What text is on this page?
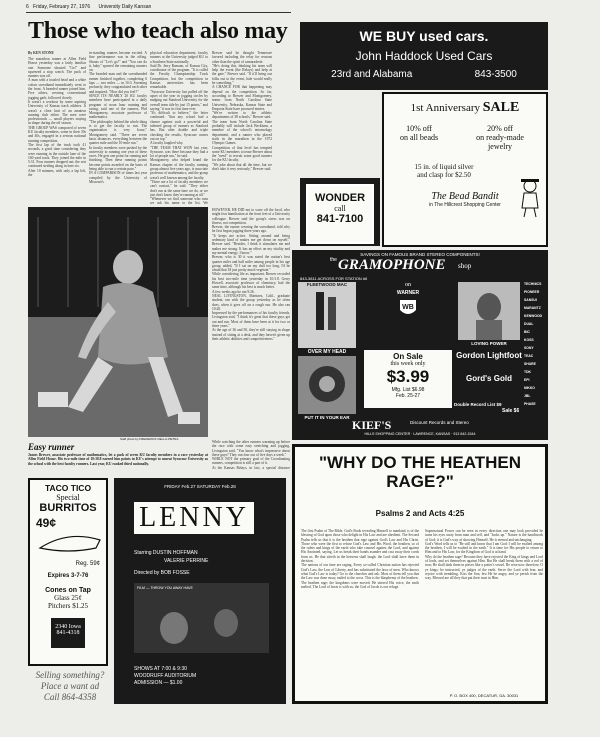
6 Friday, February 27, 1976 University Daily Kansan
Those who teach also may
By KEN STONE
The marathon runner at Allen Field House yesterday was a fairly familiar one. Someone shouted "Go!" and squeezed a stop watch. The pack of runners was off.
A man with a tousled head and a white cotton sweatband immediately went to the front. A bearded runner joined him. Five others, wearing conventional jogging garb, followed closely.
It wasn't a workout by some aspiring University of Kansas track athletes. It wasn't a close knit of an amateur running club either. The men were professionals — small players staying in shape during the off season.
THE GROUP WAS composed of seven KU faculty members, some in their 30s and 40s, engaged in a serious national running competition.
The first lap of the track took 41 seconds, a good time considering they were running in the outside lane of the 160-yard track. They joined the mile in 5:31. Four runners dropped out; the rest continued striding along in lone six.
After 10 minutes, with only a lap left, the
in-standing runners became excited. A fine performance was in the offing. Shouts of "Let's go!" and "You can do it, baby" spurred the remaining runners on.
The bearded man and the sweatbanded runner finished together, completing 6 laps — two miles — in 10:3. Sweating profusely, they congratulated each other and inquired, "How did you feel?"
SINCE ITS NEARLY 20 KU faculty members have participated in a daily program of noon hour running and racing, said one of the runners, Phil Montgomery, associate professor of mathematics.
"The philosophy behind the whole thing is to get the faculty to run. The organization is very loose," Montgomery said. "There are seven basic distances, everything between the quarter mile and the 10-mile run."
In faculty members were pushed by the university to running one year of these races. He gets one point for running and finishing. Then these running points become points awarded on the basis of being able to run a certain pace."
IN A COMPARISON of times last year compiled by the University of Missouri's
physical education department, faculty runners at the University judged KU to a Southern State nationally.
Said Dr. Jerry Ransom, of Kansas City, coordinator of the program. "It is called the Faculty Championship Track Competition, but the competition in Kansas universities has been remarkable.
"Syracuse University last pulled off the upset of the year in jogging circles by nudging out Stanford University for the overall team title by just 15 points," and saying "it was its first time ever.
"It's difficult to believe," the letter continued. "that any school had a chance against such a powerful and talented group of runners as Stanford has. But after double and triple checking the results, Syracuse comes out on top."
A faculty laughed why.
"THE TEAM THAT WON last year, Syracuse, was there because they had a lot of people run," he said.
Montgomery, who helped found the Kansas chapter of the faculty running group almost five years ago, is associate professor of mathematics, and the group wasn't well known among the faculty.
"There are a lot of faculty members we can't contact," he said. "They either don't run at the same time we do, or we just don't know they're running at all."
"Whenever we find someone who runs we ask his name to the list. We
Brewer said he thought Tennessee favored including the relay for reasons other than the spirit of camaraderie.
"He's doing this, thinking his team will help the event (the Relays) and help at the gate," Brewer said. "If it'll bring our folks out to the event, hale would really be something."
A CHANCE FOR that happening may depend on the competition. So far, according to Brewer and Montgomery, teams from North Carolina State University, Nebraska, Kansas State and Emporia State have procured entries.
"We've written to the athletic departments of 38 schools," Brewer said.
The team from North Carolina State probably will include Jack Beckham, a member of the school's entomology department, and a runner who placed sixth in the marathon in the 1972 Olympic Games.
Competition of that level has tempted some KU members to tease Brewer about the "need" to recruit some good runners for the KU faculty.
"We joke about that all the time, but we don't take it very seriously," Brewer said.
HOWEVER, HE DID not to scare off the local, who might fear humiliation at the front feet of a University colleague. Brewer said the group's stress was on fitness, not competition.
Brewer, the runner wearing the sweatband, told why he first began jogging three years ago.
"It keeps me active. Sitting around and being sedentary kind of makes me get down on myself," Brewer said. "Besides, I think it stimulates me and makes me strong. It has an effect on my vitality and my mental energy. I know."
Brewer, who is 30 it was noted the nation's best quarter miler and half miler among people in his age group, added, "If I sat on my duff too long, I'd be afraid that I'd just pretty much vegetate."
While considering life as important, Brewer recorded his best two-mile time yesterday in 10:3.8. Gerry Howell, associate professor of chemistry, had the same time, although his best is much better.
A few weeks ago he ran 9:26.
NEAL LIVINGSTON, Martinez, Calif., graduate student, ran with the group yesterday as he often does, when it goes off on a rough run. He also ran 10:20.
Impressed by the performances of his faculty friends, Livingston said, "I think it's great that these guys get out and run. Most of them have been at it for two or three years."
At the age of 36 and 50, they're still staying in shape instead of sitting at a desk, and they haven't given up their athletic abilities and competitiveness."
While watching the other runners warming up before the race with some easy stretching and jogging, Livingston said, "You know what's impressive about these guys? They run four out of five days a week."
WHILE NOT the primary goal of the Coordinating runners, competition is still a part of it.
At the Kansas Relays, in fact, a special distance

Staff photo by FREDERICK DELLA PIETRA
Easy runner
James Brewer, associate professor of mathematics, let a pack of seven KU faculty members in a race yesterday at Allen Field House. His two-mile time of 10:38.8 earned him points in KU's attempt to unseat Syracuse University as the school with the best faculty runners. Last year, KU ranked third nationally.
WE BUY used cars.
John Haddock Used Cars
23rd and Alabama	843-3500
1st Anniversary SALE
10% off
on all beads
20% off
on ready-made jewelry
15 in. of liquid silver
and clasp for $2.50
The Bead Bandit
in The Hillcrest Shopping Center
WONDER
call
841-7100
SAVINGS ON FAMOUS BRAND STEREO COMPONENTS!
the GRAMOPHONE shop
843-3811 ACROSS FOR STATION #6
FLEETWOOD MAC
OVER MY HEAD
PUT IT IN YOUR EAR
on
WARNER
WB
On Sale
this week only
$3.99
Mfg. List $6.98
Feb. 25-27
LOVING POWER
Gordon Lightfoot
Gord's Gold
Double Record List $9
Sale $6
TECHNICS
PIONEER
SANSUI
MARANTZ
KENWOOD
DUAL
BIC
KOSS
SONY
TEAC
SHURE
TDK
EPI
NIKKO
JBL
PHASE
KIEF'S	Discount Records and Stereo
HILLS SHOPPING CENTER · LAWRENCE, KANSAS · 913 842-1544
TACO TICO
Special
BURRITOS
49¢
Reg. 59¢
Expires 3-7-76
Cones on Tap
Glass 25¢
Pitchers $1.25
2340 Iowa
841-4318
Selling something?
Place a want ad
Call 864-4358
FRIDAY Feb.27 SATURDAY Feb.28
LENNY
Starring DUSTIN HOFFMAN
VALERIE PERRINE
Directed by BOB FOSSE
FILM — THROW YOU AWAY HAVE
SHOWS AT 7:00 & 9:30
WOODRUFF AUDITORIUM
ADMISSION — $1.00
"WHY DO THE HEATHEN RAGE?"
Psalms 2 and Acts 4:25
The first Psalm of The Bible, God's Book revealing Himself to mankind, is of the blessing of God upon those who delight in His Law and are obedient. The Second Psalm tells us that it is the heathen that rage against God's Law and His Christ. Those who were the first to refuse God's Law and His Word, the heathen, so of the rulers and kings of the earth who take counsel against the Lord, and against His Anointed, saying, Let us break their bands asunder and cast away their cords from us. He that sitteth in the heavens shall laugh: the Lord shall have them in derision.
The nations of our time are raging. Every so-called Christian nation has rejected God's Law, the Law of Liberty, and has substituted the laws of men. Who knows what God's Law is today? Go to the churches and ask. Most of them tell you that the Law was done away, nailed to the cross. This is the blasphemy of the heathen.
The heathen rage; the kingdoms were moved; He uttered His voice, the earth melted. The Lord of hosts is with us; the God of Jacob is our refuge.
Supernatural Power can be seen in every direction one may look provided he turns his eyes away from man and self, and "looks up." Nature is the handiwork of God; it is God's way of showing Himself. He is eternal and unchanging.
God's Word tells us to "Be still and know that I am God: I will be exalted among the heathen, I will be exalted in the earth." It is time for His people to return to Him and to His Law, for the Kingdom of God is at hand.
Why do the heathen rage? Because they have rejected the King of kings and Lord of lords, and set themselves against Him. But He shall break them with a rod of iron; He shall dash them in pieces like a potter's vessel. Be wise now therefore, O ye kings: be instructed, ye judges of the earth. Serve the Lord with fear, and rejoice with trembling. Kiss the Son, lest He be angry, and ye perish from the way. Blessed are all they that put their trust in Him.
P. O. BOX 400, DECATUR, GA. 30031
